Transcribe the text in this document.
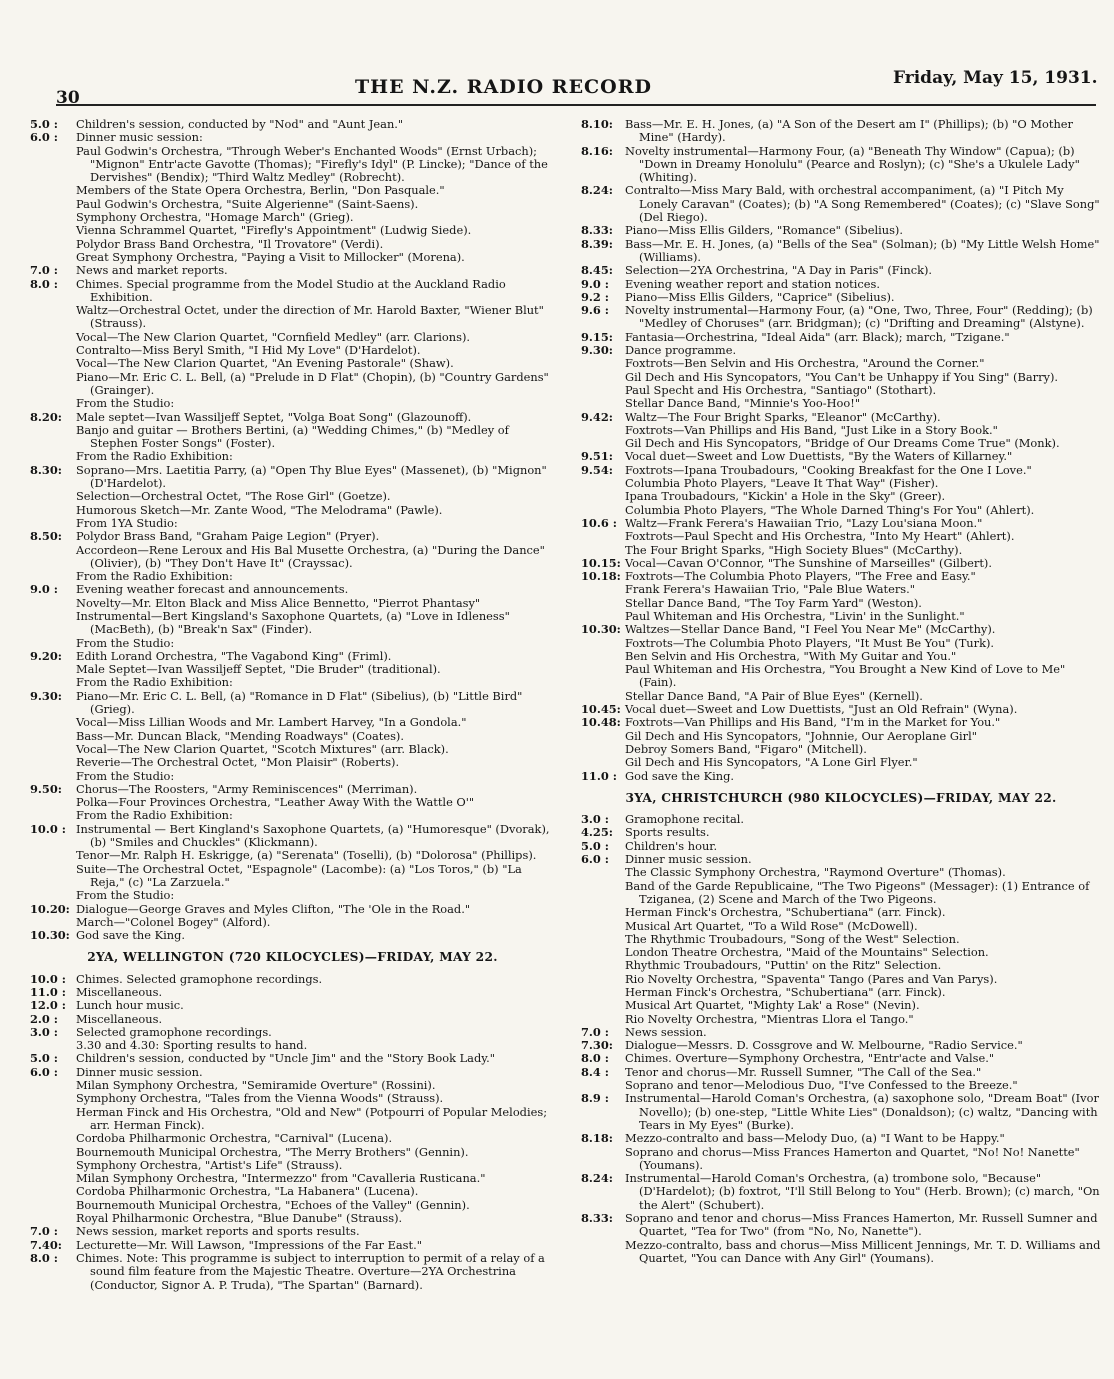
30	THE N.Z. RADIO RECORD	Friday, May 15, 1931.
5.0 :	Children's session, conducted by "Nod" and "Aunt Jean."
6.0 :	Dinner music session:
Paul Godwin's Orchestra, "Through Weber's Enchanted Woods" (Ernst Urbach); "Mignon" Entr'acte Gavotte (Thomas); "Firefly's Idyl" (P. Lincke); "Dance of the Dervishes" (Bendix); "Third Waltz Medley" (Robrecht).
Members of the State Opera Orchestra, Berlin, "Don Pasquale."
Paul Godwin's Orchestra, "Suite Algerienne" (Saint-Saens).
Symphony Orchestra, "Homage March" (Grieg).
Vienna Schrammel Quartet, "Firefly's Appointment" (Ludwig Siede).
Polydor Brass Band Orchestra, "Il Trovatore" (Verdi).
Great Symphony Orchestra, "Paying a Visit to Millocker" (Morena).
7.0 :	News and market reports.
8.0 :	Chimes. Special programme from the Model Studio at the Auckland Radio Exhibition.
Waltz—Orchestral Octet, under the direction of Mr. Harold Baxter, "Wiener Blut" (Strauss).
Vocal—The New Clarion Quartet, "Cornfield Medley" (arr. Clarions).
Contralto—Miss Beryl Smith, "I Hid My Love" (D'Hardelot).
Vocal—The New Clarion Quartet, "An Evening Pastorale" (Shaw).
Piano—Mr. Eric C. L. Bell, (a) "Prelude in D Flat" (Chopin), (b) "Country Gardens" (Grainger).
From the Studio:
8.20:	Male septet—Ivan Wassiljeff Septet, "Volga Boat Song" (Glazounoff).
Banjo and guitar — Brothers Bertini, (a) "Wedding Chimes," (b) "Medley of Stephen Foster Songs" (Foster).
From the Radio Exhibition:
8.30:	Soprano—Mrs. Laetitia Parry, (a) "Open Thy Blue Eyes" (Massenet), (b) "Mignon" (D'Hardelot).
Selection—Orchestral Octet, "The Rose Girl" (Goetze).
Humorous Sketch—Mr. Zante Wood, "The Melodrama" (Pawle).
From 1YA Studio:
8.50:	Polydor Brass Band, "Graham Paige Legion" (Pryer).
Accordeon—Rene Leroux and His Bal Musette Orchestra, (a) "During the Dance" (Olivier), (b) "They Don't Have It" (Crayssac).
From the Radio Exhibition:
9.0 :	Evening weather forecast and announcements.
Novelty—Mr. Elton Black and Miss Alice Bennetto, "Pierrot Phantasy"
Instrumental—Bert Kingsland's Saxophone Quartets, (a) "Love in Idleness" (MacBeth), (b) "Break'n Sax" (Finder).
From the Studio:
9.20:	Edith Lorand Orchestra, "The Vagabond King" (Friml).
Male Septet—Ivan Wassiljeff Septet, "Die Bruder" (traditional).
From the Radio Exhibition:
9.30:	Piano—Mr. Eric C. L. Bell, (a) "Romance in D Flat" (Sibelius), (b) "Little Bird" (Grieg).
Vocal—Miss Lillian Woods and Mr. Lambert Harvey, "In a Gondola."
Bass—Mr. Duncan Black, "Mending Roadways" (Coates).
Vocal—The New Clarion Quartet, "Scotch Mixtures" (arr. Black).
Reverie—The Orchestral Octet, "Mon Plaisir" (Roberts).
From the Studio:
9.50:	Chorus—The Roosters, "Army Reminiscences" (Merriman).
Polka—Four Provinces Orchestra, "Leather Away With the Wattle O'"
From the Radio Exhibition:
10.0 : Instrumental — Bert Kingland's Saxophone Quartets, (a) "Humoresque" (Dvorak), (b) "Smiles and Chuckles" (Klickmann).
Tenor—Mr. Ralph H. Eskrigge, (a) "Serenata" (Toselli), (b) "Dolorosa" (Phillips).
Suite—The Orchestral Octet, "Espagnole" (Lacombe): (a) "Los Toros," (b) "La Reja," (c) "La Zarzuela."
From the Studio:
10.20: Dialogue—George Graves and Myles Clifton, "The 'Ole in the Road."
March—"Colonel Bogey" (Alford).
10.30: God save the King.
2YA, WELLINGTON (720 KILOCYCLES)—FRIDAY, MAY 22.
10.0 : Chimes. Selected gramophone recordings.
11.0 : Miscellaneous.
12.0 : Lunch hour music.
2.0 :	Miscellaneous.
3.0 :	Selected gramophone recordings.
3.30 and 4.30: Sporting results to hand.
5.0 :	Children's session, conducted by "Uncle Jim" and the "Story Book Lady."
6.0 :	Dinner music session.
Milan Symphony Orchestra, "Semiramide Overture" (Rossini).
Symphony Orchestra, "Tales from the Vienna Woods" (Strauss).
Herman Finck and His Orchestra, "Old and New" (Potpourri of Popular Melodies; arr. Herman Finck).
Cordoba Philharmonic Orchestra, "Carnival" (Lucena).
Bournemouth Municipal Orchestra, "The Merry Brothers" (Gennin).
Symphony Orchestra, "Artist's Life" (Strauss).
Milan Symphony Orchestra, "Intermezzo" from "Cavalleria Rusticana."
Cordoba Philharmonic Orchestra, "La Habanera" (Lucena).
Bournemouth Municipal Orchestra, "Echoes of the Valley" (Gennin).
Royal Philharmonic Orchestra, "Blue Danube" (Strauss).
7.0 :	News session, market reports and sports results.
7.40:	Lecturette—Mr. Will Lawson, "Impressions of the Far East."
8.0 :	Chimes. Note: This programme is subject to interruption to permit of a relay of a sound film feature from the Majestic Theatre. Overture—2YA Orchestrina (Conductor, Signor A. P. Truda), "The Spartan" (Barnard).
8.10:	Bass—Mr. E. H. Jones, (a) "A Son of the Desert am I" (Phillips); (b) "O Mother Mine" (Hardy).
8.16:	Novelty instrumental—Harmony Four, (a) "Beneath Thy Window" (Capua); (b) "Down in Dreamy Honolulu" (Pearce and Roslyn); (c) "She's a Ukulele Lady" (Whiting).
8.24:	Contralto—Miss Mary Bald, with orchestral accompaniment, (a) "I Pitch My Lonely Caravan" (Coates); (b) "A Song Remembered" (Coates); (c) "Slave Song" (Del Riego).
8.33:	Piano—Miss Ellis Gilders, "Romance" (Sibelius).
8.39:	Bass—Mr. E. H. Jones, (a) "Bells of the Sea" (Solman); (b) "My Little Welsh Home" (Williams).
8.45:	Selection—2YA Orchestrina, "A Day in Paris" (Finck).
9.0 :	Evening weather report and station notices.
9.2 :	Piano—Miss Ellis Gilders, "Caprice" (Sibelius).
9.6 :	Novelty instrumental—Harmony Four, (a) "One, Two, Three, Four" (Redding); (b) "Medley of Choruses" (arr. Bridgman); (c) "Drifting and Dreaming" (Alstyne).
9.15:	Fantasia—Orchestrina, "Ideal Aida" (arr. Black); march, "Tzigane."
9.30:	Dance programme.
Foxtrots—Ben Selvin and His Orchestra, "Around the Corner."
Gil Dech and His Syncopators, "You Can't be Unhappy if You Sing" (Barry).
Paul Specht and His Orchestra, "Santiago" (Stothart).
Stellar Dance Band, "Minnie's Yoo-Hoo!"
9.42:	Waltz—The Four Bright Sparks, "Eleanor" (McCarthy).
Foxtrots—Van Phillips and His Band, "Just Like in a Story Book."
Gil Dech and His Syncopators, "Bridge of Our Dreams Come True" (Monk).
9.51:	Vocal duet—Sweet and Low Duettists, "By the Waters of Killarney."
9.54:	Foxtrots—Ipana Troubadours, "Cooking Breakfast for the One I Love."
Columbia Photo Players, "Leave It That Way" (Fisher).
Ipana Troubadours, "Kickin' a Hole in the Sky" (Greer).
Columbia Photo Players, "The Whole Darned Thing's For You" (Ahlert).
10.6 : Waltz—Frank Ferera's Hawaiian Trio, "Lazy Lou'siana Moon."
Foxtrots—Paul Specht and His Orchestra, "Into My Heart" (Ahlert).
The Four Bright Sparks, "High Society Blues" (McCarthy).
10.15: Vocal—Cavan O'Connor, "The Sunshine of Marseilles" (Gilbert).
10.18: Foxtrots—The Columbia Photo Players, "The Free and Easy."
Frank Ferera's Hawaiian Trio, "Pale Blue Waters."
Stellar Dance Band, "The Toy Farm Yard" (Weston).
Paul Whiteman and His Orchestra, "Livin' in the Sunlight."
10.30: Waltzes—Stellar Dance Band, "I Feel You Near Me" (McCarthy).
Foxtrots—The Columbia Photo Players, "It Must Be You" (Turk).
Ben Selvin and His Orchestra, "With My Guitar and You."
Paul Whiteman and His Orchestra, "You Brought a New Kind of Love to Me" (Fain).
Stellar Dance Band, "A Pair of Blue Eyes" (Kernell).
10.45: Vocal duet—Sweet and Low Duettists, "Just an Old Refrain" (Wyna).
10.48: Foxtrots—Van Phillips and His Band, "I'm in the Market for You."
Gil Dech and His Syncopators, "Johnnie, Our Aeroplane Girl"
Debroy Somers Band, "Figaro" (Mitchell).
Gil Dech and His Syncopators, "A Lone Girl Flyer."
11.0 : God save the King.
3YA, CHRISTCHURCH (980 KILOCYCLES)—FRIDAY, MAY 22.
3.0 :	Gramophone recital.
4.25:	Sports results.
5.0 :	Children's hour.
6.0 :	Dinner music session.
The Classic Symphony Orchestra, "Raymond Overture" (Thomas).
Band of the Garde Republicaine, "The Two Pigeons" (Messager): (1) Entrance of Tziganea, (2) Scene and March of the Two Pigeons.
Herman Finck's Orchestra, "Schubertiana" (arr. Finck).
Musical Art Quartet, "To a Wild Rose" (McDowell).
The Rhythmic Troubadours, "Song of the West" Selection.
London Theatre Orchestra, "Maid of the Mountains" Selection.
Rhythmic Troubadours, "Puttin' on the Ritz" Selection.
Rio Novelty Orchestra, "Spaventa" Tango (Pares and Van Parys).
Herman Finck's Orchestra, "Schubertiana" (arr. Finck).
Musical Art Quartet, "Mighty Lak' a Rose" (Nevin).
Rio Novelty Orchestra, "Mientras Llora el Tango."
7.0 :	News session.
7.30:	Dialogue—Messrs. D. Cossgrove and W. Melbourne, "Radio Service."
8.0 :	Chimes. Overture—Symphony Orchestra, "Entr'acte and Valse."
8.4 :	Tenor and chorus—Mr. Russell Sumner, "The Call of the Sea."
Soprano and tenor—Melodious Duo, "I've Confessed to the Breeze."
8.9 :	Instrumental—Harold Coman's Orchestra, (a) saxophone solo, "Dream Boat" (Ivor Novello); (b) one-step, "Little White Lies" (Donaldson); (c) waltz, "Dancing with Tears in My Eyes" (Burke).
8.18:	Mezzo-contralto and bass—Melody Duo, (a) "I Want to be Happy."
Soprano and chorus—Miss Frances Hamerton and Quartet, "No! No! Nanette" (Youmans).
8.24:	Instrumental—Harold Coman's Orchestra, (a) trombone solo, "Because" (D'Hardelot); (b) foxtrot, "I'll Still Belong to You" (Herb. Brown); (c) march, "On the Alert" (Schubert).
8.33:	Soprano and tenor and chorus—Miss Frances Hamerton, Mr. Russell Sumner and Quartet, "Tea for Two" (from "No, No, Nanette").
Mezzo-contralto, bass and chorus—Miss Millicent Jennings, Mr. T. D. Williams and Quartet, "You can Dance with Any Girl" (Youmans).
